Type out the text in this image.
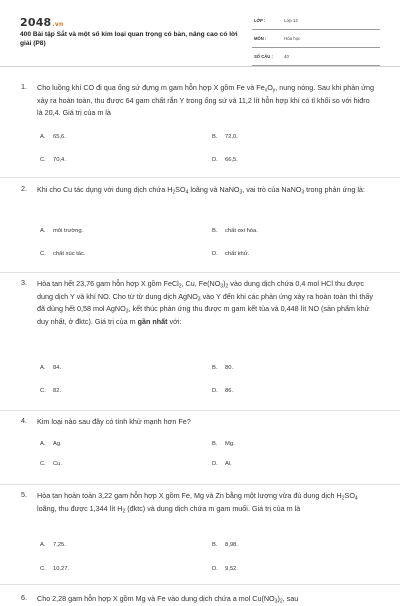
2048.vn
400 Bài tập Sắt và một số kim loại quan trọng có bản, nâng cao có lời giải (P8)
LỚP :	Lớp 12
MÔN :	Hóa học
SỐ CÂU :	40
1. Cho luồng khí CO đi qua ống sứ đựng m gam hỗn hợp X gồm Fe và $Fe_xO_y$, nung nóng. Sau khi phản ứng xảy ra hoàn toàn, thu được 64 gam chất rắn Y trong ống sứ và 11,2 lít hỗn hợp khí có tỉ khối so với hiđro là 20,4. Giá trị của m là
A. 65,6.	B. 72,0.
C. 70,4.	D. 66,5.
2. Khi cho Cu tác dụng với dung dịch chứa $H_2SO_4$ loãng và NaNO$_3$, vai trò của NaNO$_3$ trong phản ứng là:
A. môi trường.	B. chất oxi hóa.
C. chất xúc tác.	D. chất khử.
3. Hòa tan hết 23,76 gam hỗn hợp X gồm FeCl$_2$, Cu, $Fe(NO_3)_2$ vào dung dịch chứa 0,4 mol HCl thu được dung dịch Y và khí NO. Cho từ từ dung dịch AgNO$_3$ vào Y đến khi các phản ứng xảy ra hoàn toàn thì thấy đã dùng hết 0,58 mol AgNO$_3$, kết thúc phản ứng thu được m gam kết tủa và 0,448 lít NO (sản phẩm khử duy nhất, ở đktc). Giá trị của m gần nhất với:
A. 84.	B. 80.
C. 82.	D. 86.
4. Kim loại nào sau đây có tính khử mạnh hơn Fe?
A. Ag.	B. Mg.
C. Cu.	D. Al.
5. Hòa tan hoàn toàn 3,22 gam hỗn hợp X gồm Fe, Mg và Zn bằng một lượng vừa đủ dung dịch $H_2SO_4$ loãng, thu được 1,344 lít $H_2$ (đktc) và dung dịch chứa m gam muối. Giá trị của m là
A. 7,25.	B. 8,98.
C. 10,27.	D. 9,52.
6. Cho 2,28 gam hỗn hợp X gồm Mg và Fe vào dung dịch chứa a mol $Cu(NO_3)_2$, sau
